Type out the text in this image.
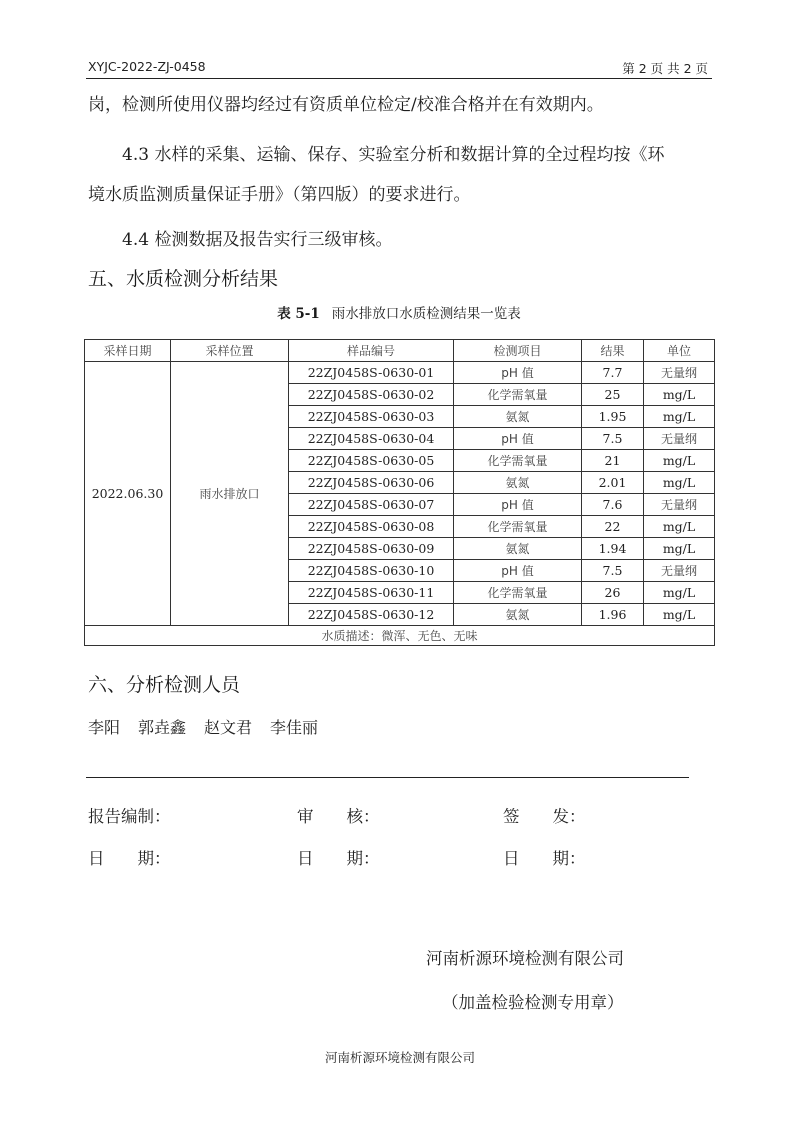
XYJC-2022-ZJ-0458	第 2 页 共 2 页
岗，检测所使用仪器均经过有资质单位检定/校准合格并在有效期内。
4.3 水样的采集、运输、保存、实验室分析和数据计算的全过程均按《环
境水质监测质量保证手册》（第四版）的要求进行。
4.4 检测数据及报告实行三级审核。
五、水质检测分析结果
表 5-1 雨水排放口水质检测结果一览表
采样日期	采样位置	样品编号	检测项目	结果	单位
2022.06.30	雨水排放口	22ZJ0458S-0630-01	pH 值	7.7	无量纲
		22ZJ0458S-0630-02	化学需氧量	25	mg/L
		22ZJ0458S-0630-03	氨氮	1.95	mg/L
		22ZJ0458S-0630-04	pH 值	7.5	无量纲
		22ZJ0458S-0630-05	化学需氧量	21	mg/L
		22ZJ0458S-0630-06	氨氮	2.01	mg/L
		22ZJ0458S-0630-07	pH 值	7.6	无量纲
		22ZJ0458S-0630-08	化学需氧量	22	mg/L
		22ZJ0458S-0630-09	氨氮	1.94	mg/L
		22ZJ0458S-0630-10	pH 值	7.5	无量纲
		22ZJ0458S-0630-11	化学需氧量	26	mg/L
		22ZJ0458S-0630-12	氨氮	1.96	mg/L
水质描述：微浑、无色、无味					
六、分析检测人员
李阳 郭垚鑫 赵文君 李佳丽
报告编制：	审　　核：	签　　发：
日　　期：	日　　期：	日　　期：
河南析源环境检测有限公司
（加盖检验检测专用章）
河南析源环境检测有限公司
